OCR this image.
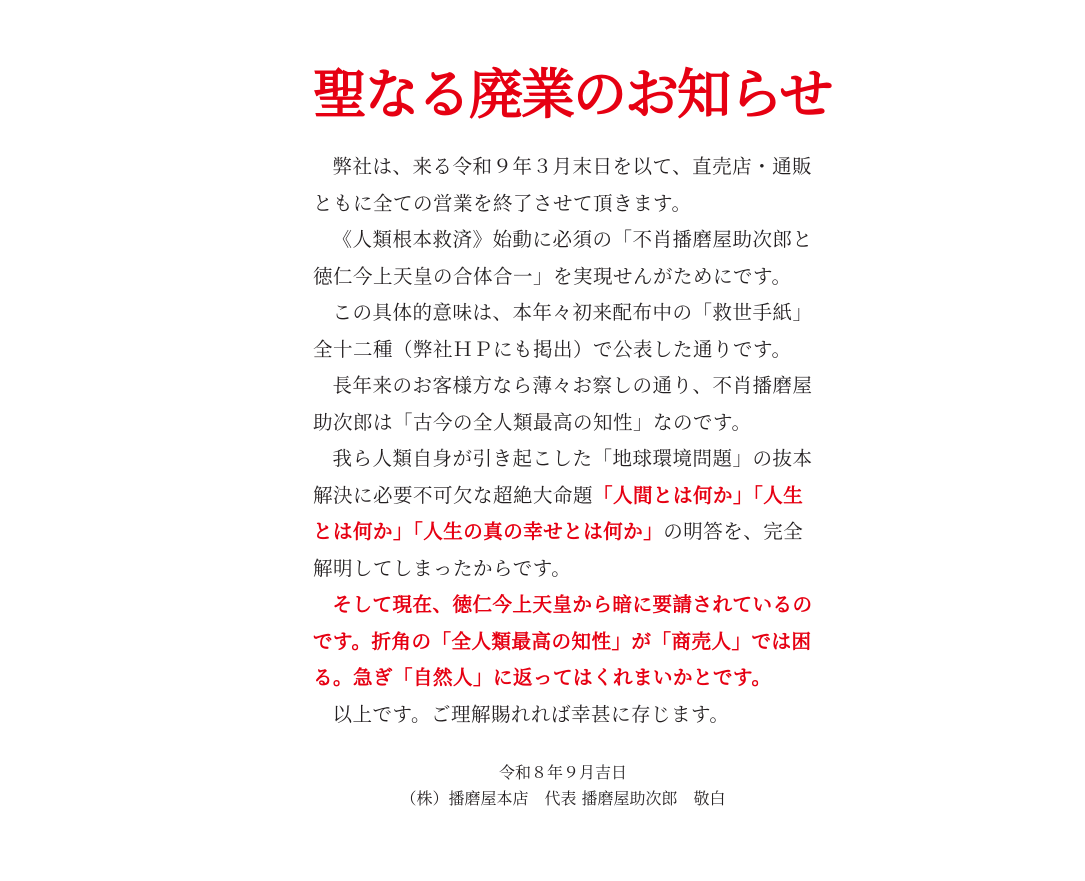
聖なる廃業のお知らせ

弊社は、来る令和９年３月末日を以て、直売店・通販ともに全ての営業を終了させて頂きます。

《人類根本救済》始動に必須の「不肖播磨屋助次郎と徳仁今上天皇の合体合一」を実現せんがためにです。

この具体的意味は、本年々初来配布中の「救世手紙」全十二種（弊社ＨＰにも掲出）で公表した通りです。

長年来のお客様方なら薄々お察しの通り、不肖播磨屋助次郎は「古今の全人類最高の知性」なのです。

我ら人類自身が引き起こした「地球環境問題」の抜本解決に必要不可欠な超絶大命題「人間とは何か」「人生とは何か」「人生の真の幸せとは何か」の明答を、完全解明してしまったからです。

そして現在、徳仁今上天皇から暗に要請されているのです。折角の「全人類最高の知性」が「商売人」では困る。急ぎ「自然人」に返ってはくれまいかとです。

以上です。ご理解賜れれば幸甚に存じます。

令和８年９月吉日
（株）播磨屋本店　代表 播磨屋助次郎　敬白
